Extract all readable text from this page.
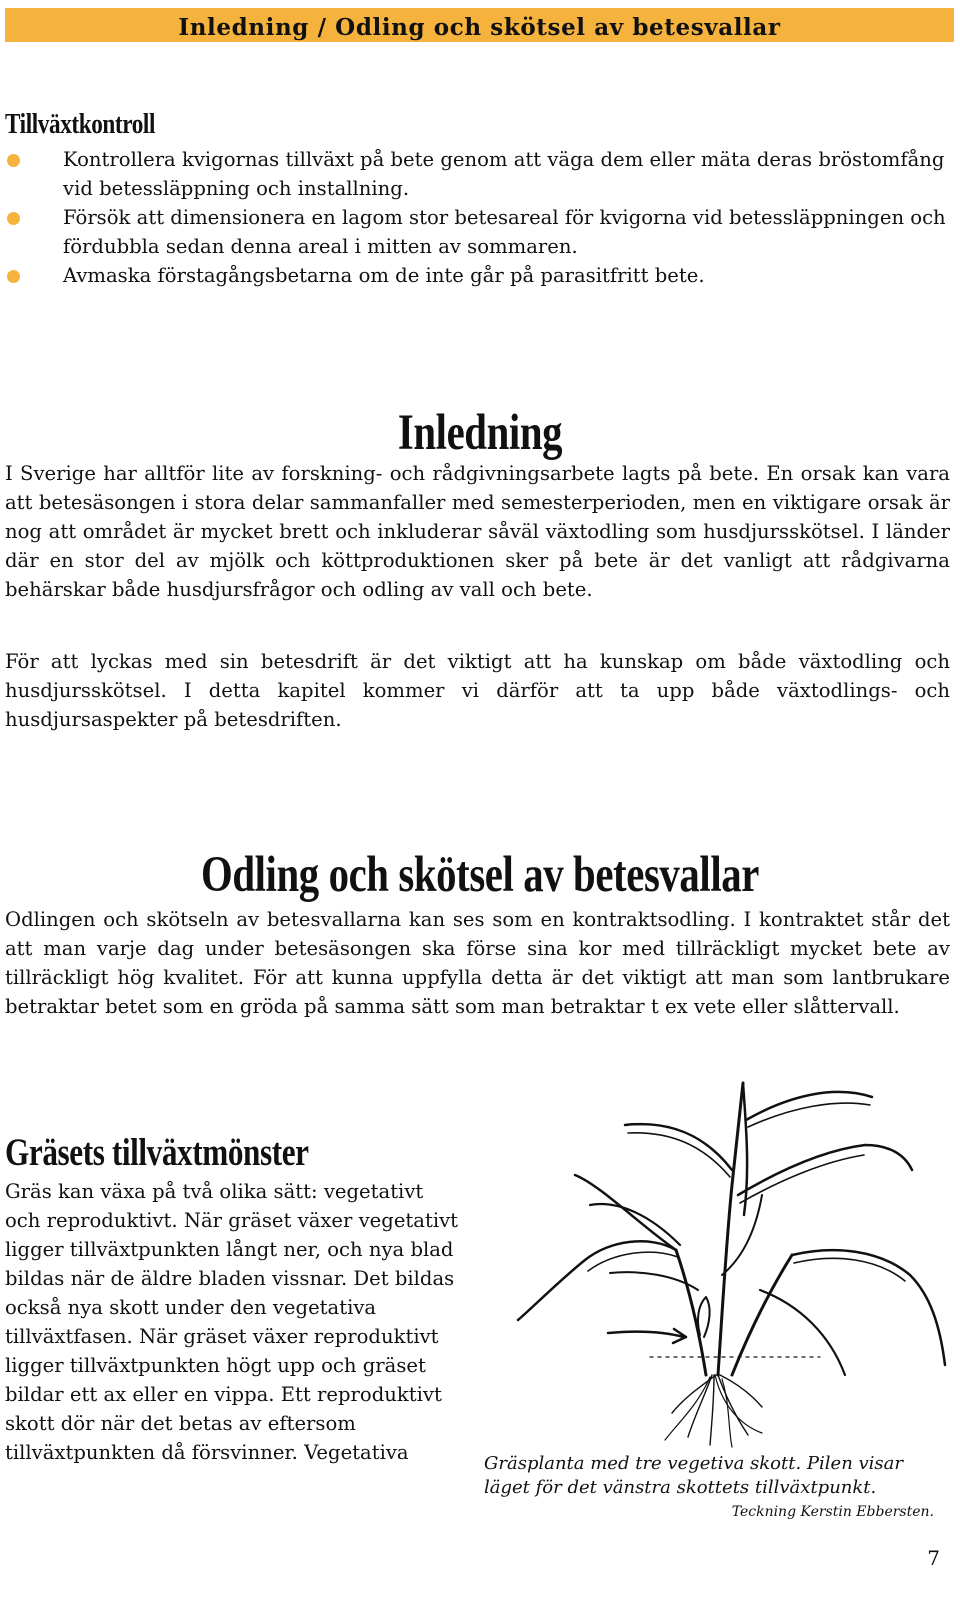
Inledning / Odling och skötsel av betesvallar
Tillväxtkontroll
Kontrollera kvigornas tillväxt på bete genom att väga dem eller mäta deras bröstomfång vid betessläppning och installning.
Försök att dimensionera en lagom stor betesareal för kvigorna vid betessläppningen och fördubbla sedan denna areal i mitten av sommaren.
Avmaska förstagångsbetarna om de inte går på parasitfritt bete.
Inledning

I Sverige har alltför lite av forskning- och rådgivningsarbete lagts på bete. En orsak kan vara att betesäsongen i stora delar sammanfaller med semesterperioden, men en viktigare orsak är nog att området är mycket brett och inkluderar såväl växtodling som husdjursskötsel. I länder där en stor del av mjölk och köttproduktionen sker på bete är det vanligt att rådgivarna behärskar både husdjursfrågor och odling av vall och bete.

För att lyckas med sin betesdrift är det viktigt att ha kunskap om både växtodling och husdjursskötsel. I detta kapitel kommer vi därför att ta upp både växtodlings- och husdjursaspekter på betesdriften.

Odling och skötsel av betesvallar

Odlingen och skötseln av betesvallarna kan ses som en kontraktsodling. I kontraktet står det att man varje dag under betesäsongen ska förse sina kor med tillräckligt mycket bete av tillräckligt hög kvalitet. För att kunna uppfylla detta är det viktigt att man som lantbrukare betraktar betet som en gröda på samma sätt som man betraktar t ex vete eller slåttervall.

Gräsets tillväxtmönster

Gräs kan växa på två olika sätt: vegetativt och reproduktivt. När gräset växer vegetativt ligger tillväxtpunkten långt ner, och nya blad bildas när de äldre bladen vissnar. Det bildas också nya skott under den vegetativa tillväxtfasen. När gräset växer reproduktivt ligger tillväxtpunkten högt upp och gräset bildar ett ax eller en vippa. Ett reproduktivt skott dör när det betas av eftersom tillväxtpunkten då försvinner. Vegetativa	Gräsplanta med tre vegetiva skott. Pilen visar
läget för det vänstra skottets tillväxtpunkt.
Teckning Kerstin Ebbersten.
7
